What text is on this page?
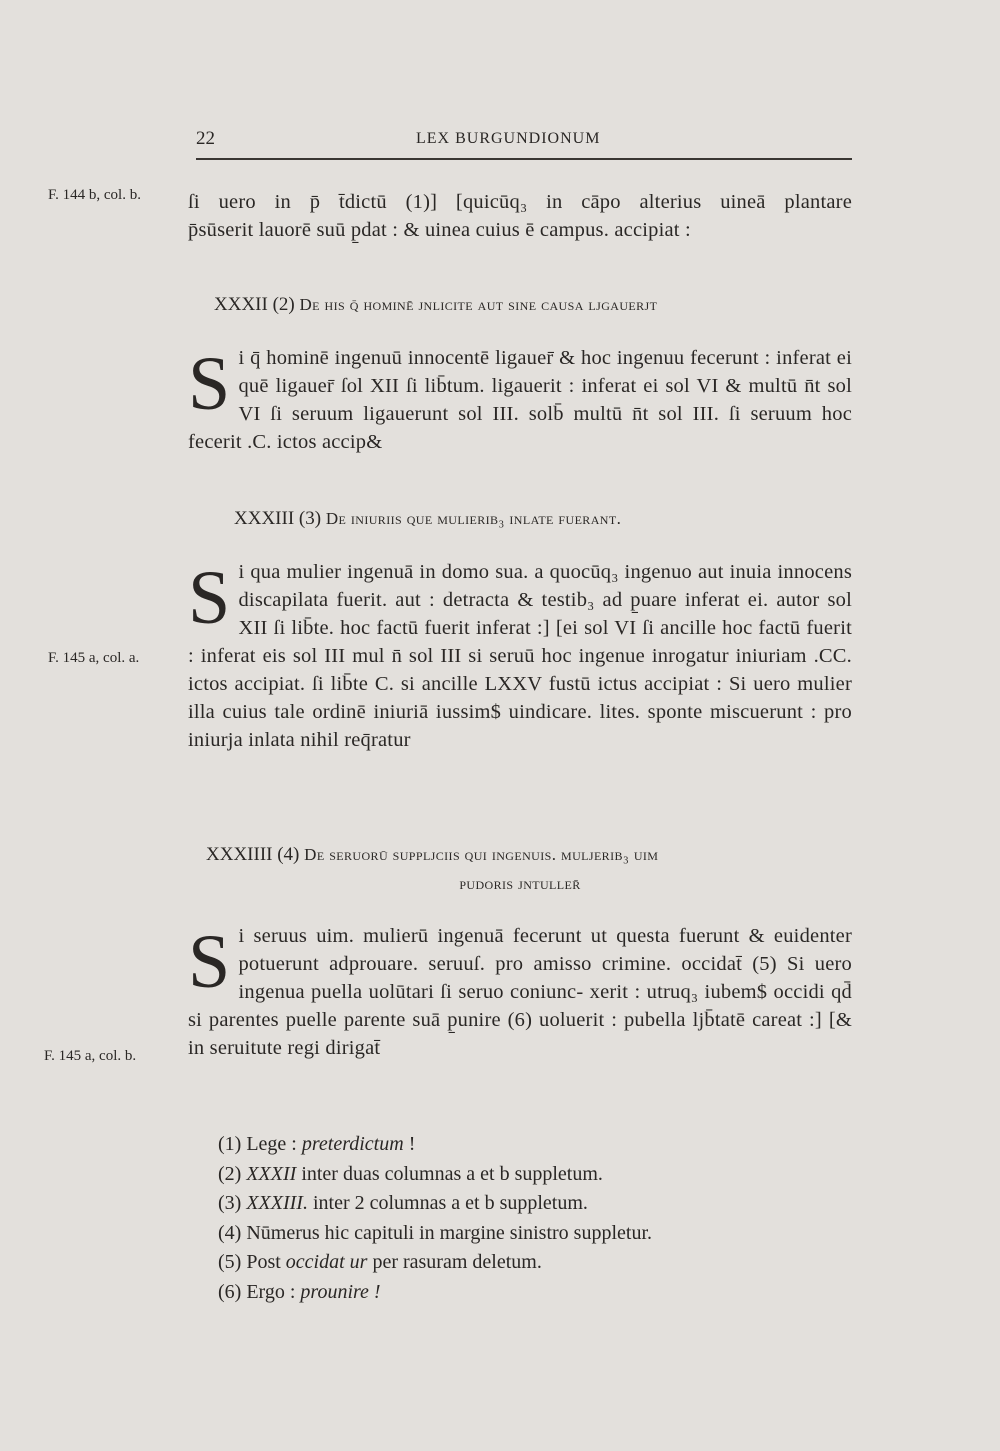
22	LEX BURGUNDIONUM
F. 144 b, col. b.
F. 145 a, col. a.
F. 145 a, col. b.
ſi uero in p̄ t̄dictū (1)] [quicūq₃ in cāpo alterius uineā plantare
p̄sūserit lauorē suū p̱dat : & uinea cuius ē campus. accipiat :
XXXII (2) De his q̄ hominē jnlicite aut ſine causa ljgauerjt
Si q̄ hominē ingenuū innocentē ligauer̄ & hoc ingenuu fecerunt : inferat ei quē ligauer̄ ſol XII ſi lib̄tum. ligauerit : inferat ei sol VI & multū n̄t sol VI ſi seruum ligauerunt sol III. solb̄ multū n̄t sol III. ſi seruum hoc fecerit .C. ictos accip&
XXXIII (3) De iniuriis que mulierib₃ inlate fuerant.
Si qua mulier ingenuā in domo sua. a quocūq₃ ingenuo aut inuia innocens discapilata fuerit. aut : detracta & testib₃ ad p̱uare inferat ei. autor sol XII ſi lib̄te. hoc factū fuerit inferat :] [ei sol VI ſi ancille hoc factū fuerit : inferat eis sol III mul n̄ sol III si seruū hoc ingenue inrogatur iniuriam .CC. ictos accipiat. ſi lib̄te C. si ancille LXXV fustū ictus accipiat : Si uero mulier illa cuius tale ordinē iniuriā iussim$ uindicare. lites. sponte miscuerunt : pro iniurja inlata nihil req̄ratur
XXXIIII (4) De seruorū ſuppljciis qui ingenuis. muljerib₃ uim
pudoris jntuller̄
Si seruus uim. mulierū ingenuā fecerunt ut questa fuerunt & euidenter potuerunt adprouare. seruuſ. pro amisso crimine. occidat̄ (5) Si uero ingenua puella uolūtari ſi seruo coniunc- xerit : utruq₃ iubem$ occidi qd̄ si parentes puelle parente suā p̱unire (6) uoluerit : pubella ljb̄tatē careat :] [& in seruitute regi dirigat̄
(1) Lege : preterdictum !
(2) XXXII inter duas columnas a et b suppletum.
(3) XXXIII. inter 2 columnas a et b suppletum.
(4) Nūmerus hic capituli in margine sinistro suppletur.
(5) Post occidat ur per rasuram deletum.
(6) Ergo : prounire !
